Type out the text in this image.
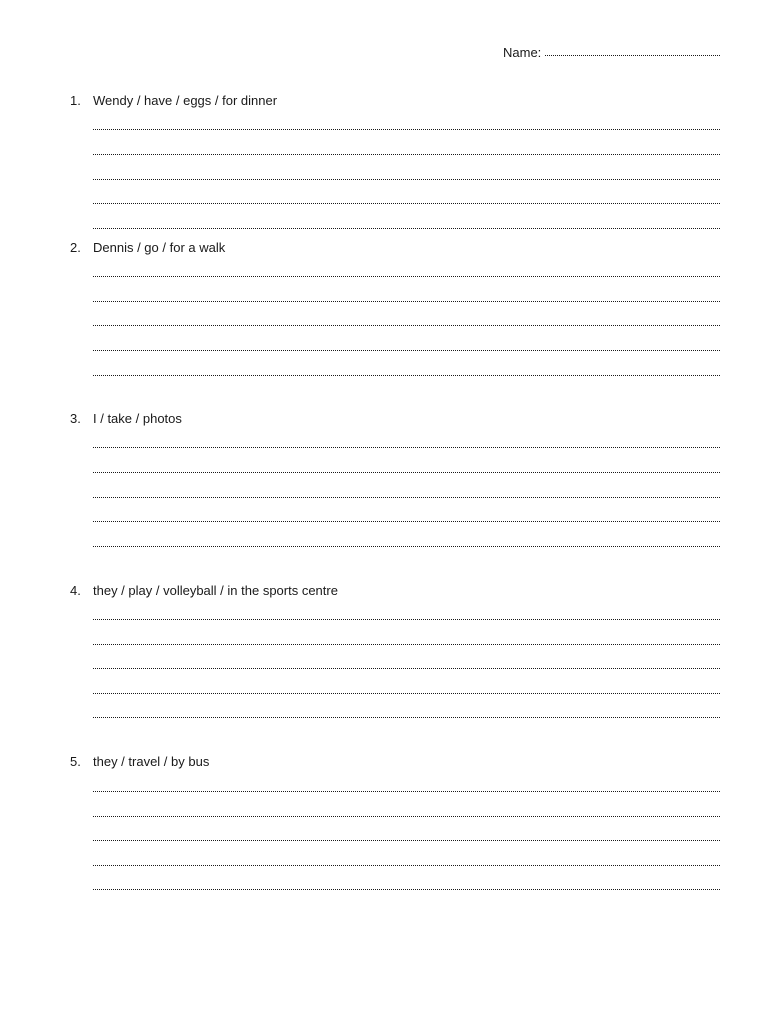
Name:
1. Wendy / have / eggs / for dinner
2. Dennis / go / for a walk
3. I / take / photos
4. they / play / volleyball / in the sports centre
5. they / travel / by bus
